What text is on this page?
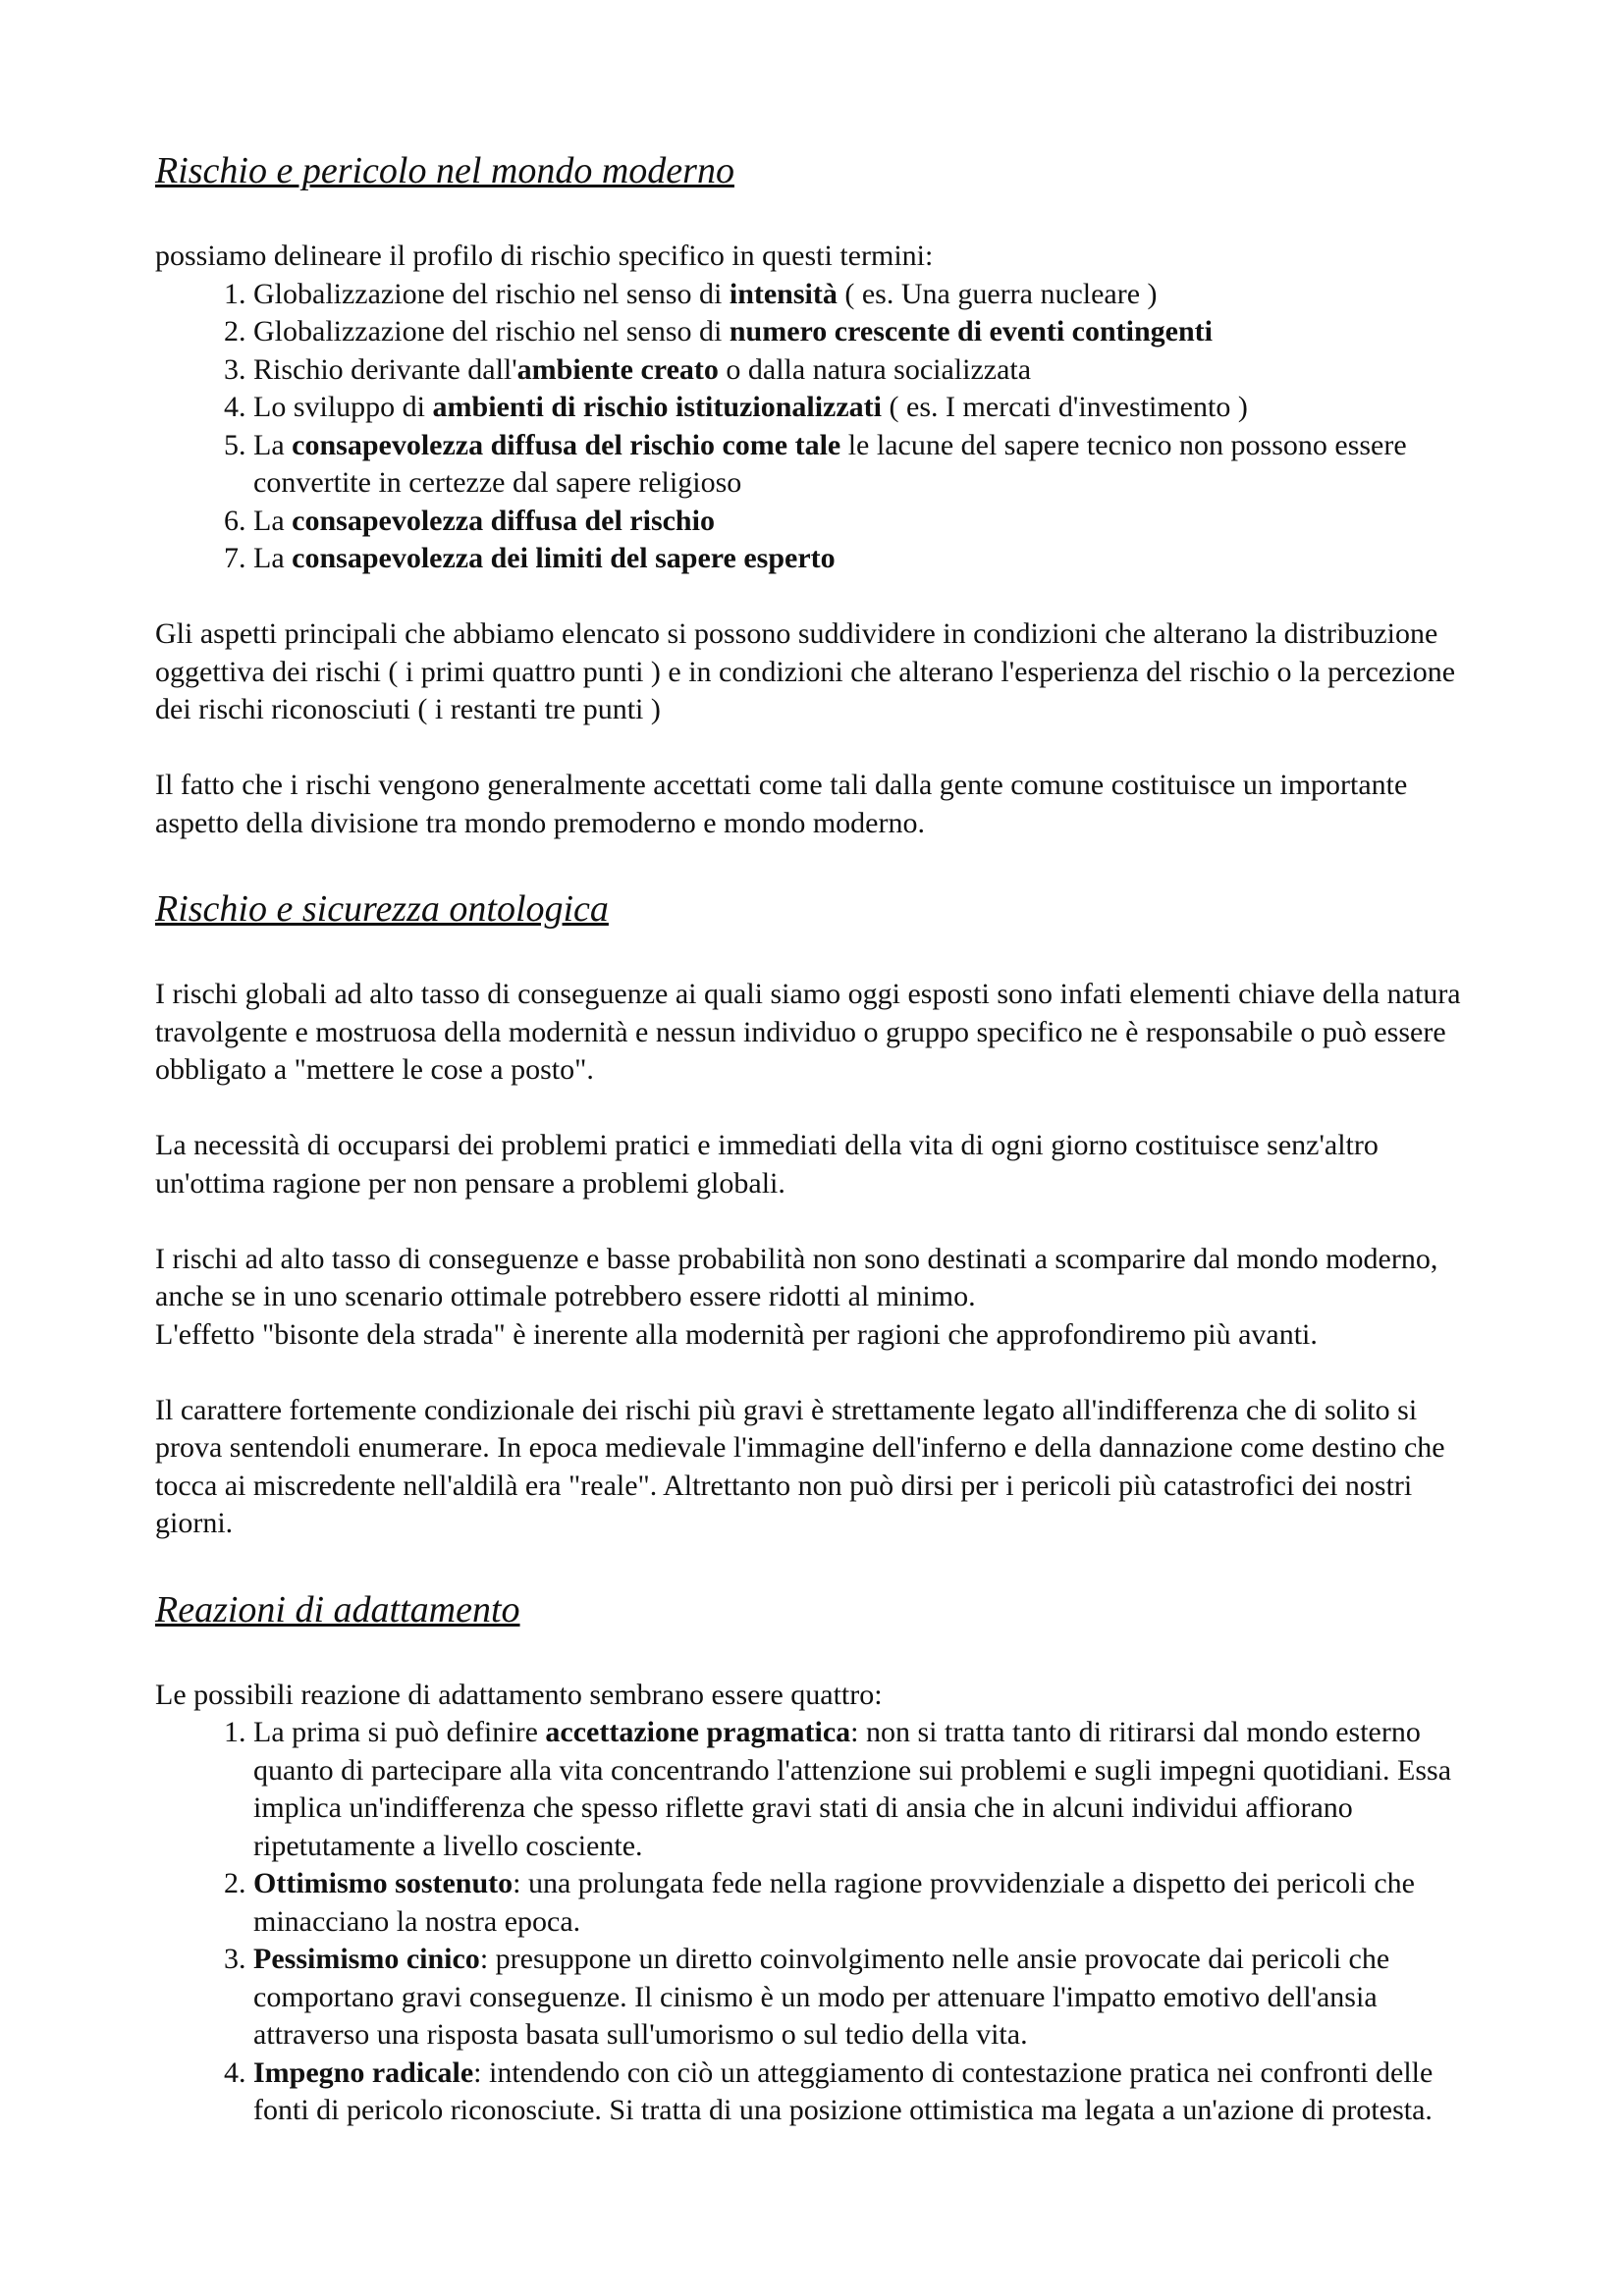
Rischio e pericolo nel mondo moderno

possiamo delineare il profilo di rischio specifico in questi termini:

1. Globalizzazione del rischio nel senso di intensità ( es. Una guerra nucleare )
2. Globalizzazione del rischio nel senso di numero crescente di eventi contingenti
3. Rischio derivante dall'ambiente creato o dalla natura socializzata
4. Lo sviluppo di ambienti di rischio istituzionalizzati ( es. I mercati d'investimento )
5. La consapevolezza diffusa del rischio come tale le lacune del sapere tecnico non possono essere convertite in certezze dal sapere religioso
6. La consapevolezza diffusa del rischio
7. La consapevolezza dei limiti del sapere esperto

Gli aspetti principali che abbiamo elencato si possono suddividere in condizioni che alterano la distribuzione oggettiva dei rischi ( i primi quattro punti ) e in condizioni che alterano l'esperienza del rischio o la percezione dei rischi riconosciuti ( i restanti tre punti )

Il fatto che i rischi vengono generalmente accettati come tali dalla gente comune costituisce un importante aspetto della divisione tra mondo premoderno e mondo moderno.

Rischio e sicurezza ontologica

I rischi globali ad alto tasso di conseguenze ai quali siamo oggi esposti sono infati elementi chiave della natura travolgente e mostruosa della modernità e nessun individuo o gruppo specifico ne è responsabile o può essere obbligato a "mettere le cose a posto".

La necessità di occuparsi dei problemi pratici e immediati della vita di ogni giorno costituisce senz'altro un'ottima ragione per non pensare a problemi globali.

I rischi ad alto tasso di conseguenze e basse probabilità non sono destinati a scomparire dal mondo moderno, anche se in uno scenario ottimale potrebbero essere ridotti al minimo.

L'effetto "bisonte dela strada" è inerente alla modernità per ragioni che approfondiremo più avanti.

Il carattere fortemente condizionale dei rischi più gravi è strettamente legato all'indifferenza che di solito si prova sentendoli enumerare. In epoca medievale l'immagine dell'inferno e della dannazione come destino che tocca ai miscredente nell'aldilà era "reale". Altrettanto non può dirsi per i pericoli più catastrofici dei nostri giorni.

Reazioni di adattamento

Le possibili reazione di adattamento sembrano essere quattro:

1. La prima si può definire accettazione pragmatica: non si tratta tanto di ritirarsi dal mondo esterno quanto di partecipare alla vita concentrando l'attenzione sui problemi e sugli impegni quotidiani. Essa implica un'indifferenza che spesso riflette gravi stati di ansia che in alcuni individui affiorano ripetutamente a livello cosciente.
2. Ottimismo sostenuto: una prolungata fede nella ragione provvidenziale a dispetto dei pericoli che minacciano la nostra epoca.
3. Pessimismo cinico: presuppone un diretto coinvolgimento nelle ansie provocate dai pericoli che comportano gravi conseguenze. Il cinismo è un modo per attenuare l'impatto emotivo dell'ansia attraverso una risposta basata sull'umorismo o sul tedio della vita.
4. Impegno radicale: intendendo con ciò un atteggiamento di contestazione pratica nei confronti delle fonti di pericolo riconosciute. Si tratta di una posizione ottimistica ma legata a un'azione di protesta.
